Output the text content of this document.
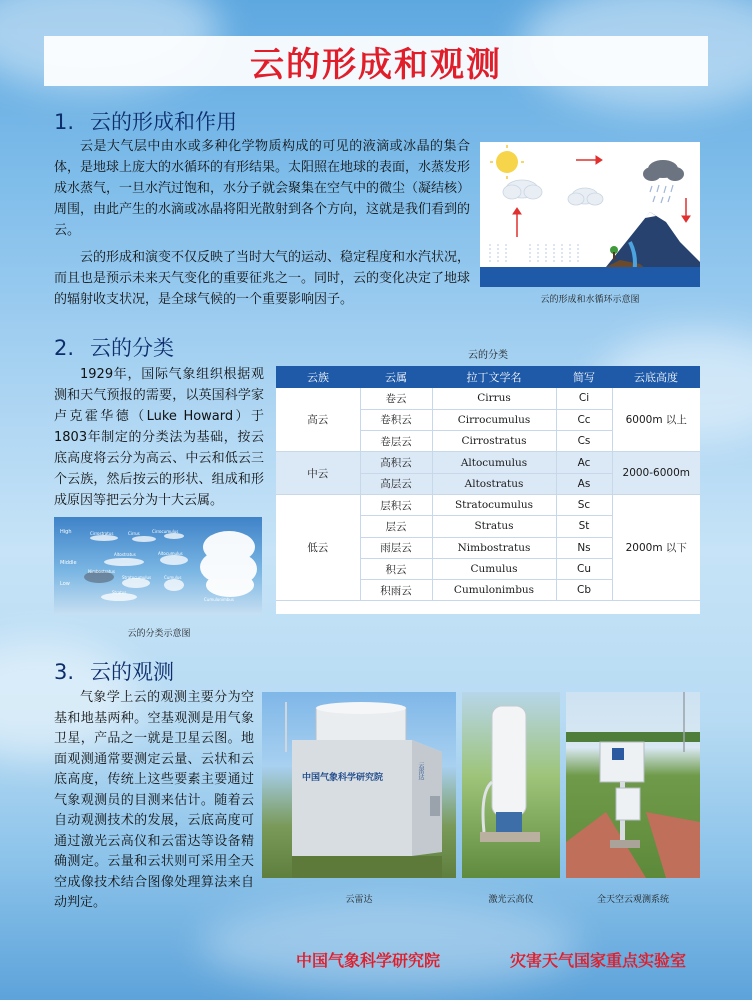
云的形成和观测
1. 云的形成和作用

云是大气层中由水或多种化学物质构成的可见的液滴或冰晶的集合体，是地球上庞大的水循环的有形结果。太阳照在地球的表面，水蒸发形成水蒸气，一旦水汽过饱和，水分子就会聚集在空气中的微尘（凝结核）周围，由此产生的水滴或冰晶将阳光散射到各个方向，这就是我们看到的云。

云的形成和演变不仅反映了当时大气的运动、稳定程度和水汽状况，而且也是预示未来天气变化的重要征兆之一。同时，云的变化决定了地球的辐射收支状况，是全球气候的一个重要影响因子。	云的形成和水循环示意图
2. 云的分类

1929年，国际气象组织根据观测和天气预报的需要，以英国科学家卢克霍华德（Luke Howard）于1803年制定的分类法为基础，按云底高度将云分为高云、中云和低云三个云族，然后按云的形状、组成和形成原因等把云分为十大云属。

High
Middle
Low
Cirrus
Cirrostratus	Cirrocumulus
Altostratus	Altocumulus
Nimbostratus
Stratocumulus	Cumulus
Stratus
Cumulonimbus
云的分类示意图
云的分类
云族	云属	拉丁文学名	简写	云底高度
高云	卷云	Cirrus	Ci	6000m 以上
	卷积云	Cirrocumulus	Cc	
	卷层云	Cirrostratus	Cs	
中云	高积云	Altocumulus	Ac	2000-6000m
	高层云	Altostratus	As	
低云	层积云	Stratocumulus	Sc	2000m 以下
	层云	Stratus	St	
	雨层云	Nimbostratus	Ns	
	积云	Cumulus	Cu	
	积雨云	Cumulonimbus	Cb	
3. 云的观测

气象学上云的观测主要分为空基和地基两种。空基观测是用气象卫星，产品之一就是卫星云图。地面观测通常要测定云量、云状和云底高度，传统上这些要素主要通过气象观测员的目测来估计。随着云自动观测技术的发展，云底高度可通过激光云高仪和云雷达等设备精确测定。云量和云状则可采用全天空成像技术结合图像处理算法来自动判定。

中国气象科学研究院	云雷达
云雷达	激光云高仪	全天空云观测系统
中国气象科学研究院	灾害天气国家重点实验室
